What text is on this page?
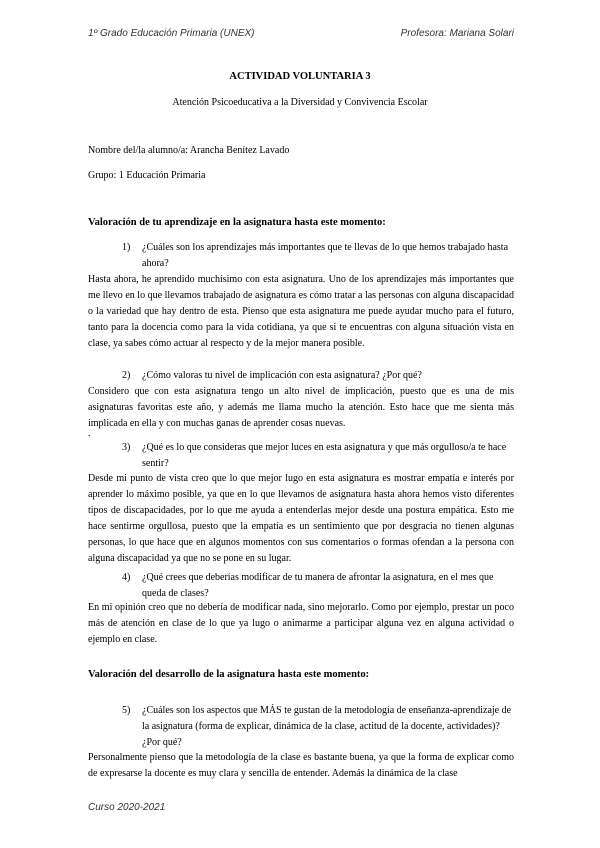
1º Grado Educación Primaria (UNEX)	Profesora: Mariana Solari
ACTIVIDAD VOLUNTARIA 3
Atención Psicoeducativa a la Diversidad y Convivencia Escolar
Nombre del/la alumno/a: Arancha Benítez Lavado
Grupo: 1 Educación Primaria
Valoración de tu aprendizaje en la asignatura hasta este momento:
1)	¿Cuáles son los aprendizajes más importantes que te llevas de lo que hemos trabajado hasta ahora?
Hasta ahora, he aprendido muchísimo con esta asignatura. Uno de los aprendizajes más importantes que me llevo en lo que llevamos trabajado de asignatura es cómo tratar a las personas con alguna discapacidad o la variedad que hay dentro de esta. Pienso que esta asignatura me puede ayudar mucho para el futuro, tanto para la docencia como para la vida cotidiana, ya que si te encuentras con alguna situación vista en clase, ya sabes cómo actuar al respecto y de la mejor manera posible.
2)	¿Cómo valoras tu nivel de implicación con esta asignatura? ¿Por qué?
Considero que con esta asignatura tengo un alto nivel de implicación, puesto que es una de mis asignaturas favoritas este año, y además me llama mucho la atención. Esto hace que me sienta más implicada en ella y con muchas ganas de aprender cosas nuevas.
.
3)	¿Qué es lo que consideras que mejor luces en esta asignatura y que más orgulloso/a te hace sentir?
Desde mi punto de vista creo que lo que mejor lugo en esta asignatura es mostrar empatía e interés por aprender lo máximo posible, ya que en lo que llevamos de asignatura hasta ahora hemos visto diferentes tipos de discapacidades, por lo que me ayuda a entenderlas mejor desde una postura empática. Esto me hace sentirme orgullosa, puesto que la empatía es un sentimiento que por desgracia no tienen algunas personas, lo que hace que en algunos momentos con sus comentarios o formas ofendan a la persona con alguna discapacidad ya que no se pone en su lugar.
4)	¿Qué crees que deberías modificar de tu manera de afrontar la asignatura, en el mes que queda de clases?
En mi opinión creo que no debería de modificar nada, sino mejorarlo. Como por ejemplo, prestar un poco más de atención en clase de lo que ya lugo o animarme a participar alguna vez en alguna actividad o ejemplo en clase.
Valoración del desarrollo de la asignatura hasta este momento:
5)	¿Cuáles son los aspectos que MÁS te gustan de la metodología de enseñanza-aprendizaje de la asignatura (forma de explicar, dinámica de la clase, actitud de la docente, actividades)? ¿Por qué?
Personalmente pienso que la metodología de la clase es bastante buena, ya que la forma de explicar como de expresarse la docente es muy clara y sencilla de entender. Además la dinámica de la clase
Curso 2020-2021
